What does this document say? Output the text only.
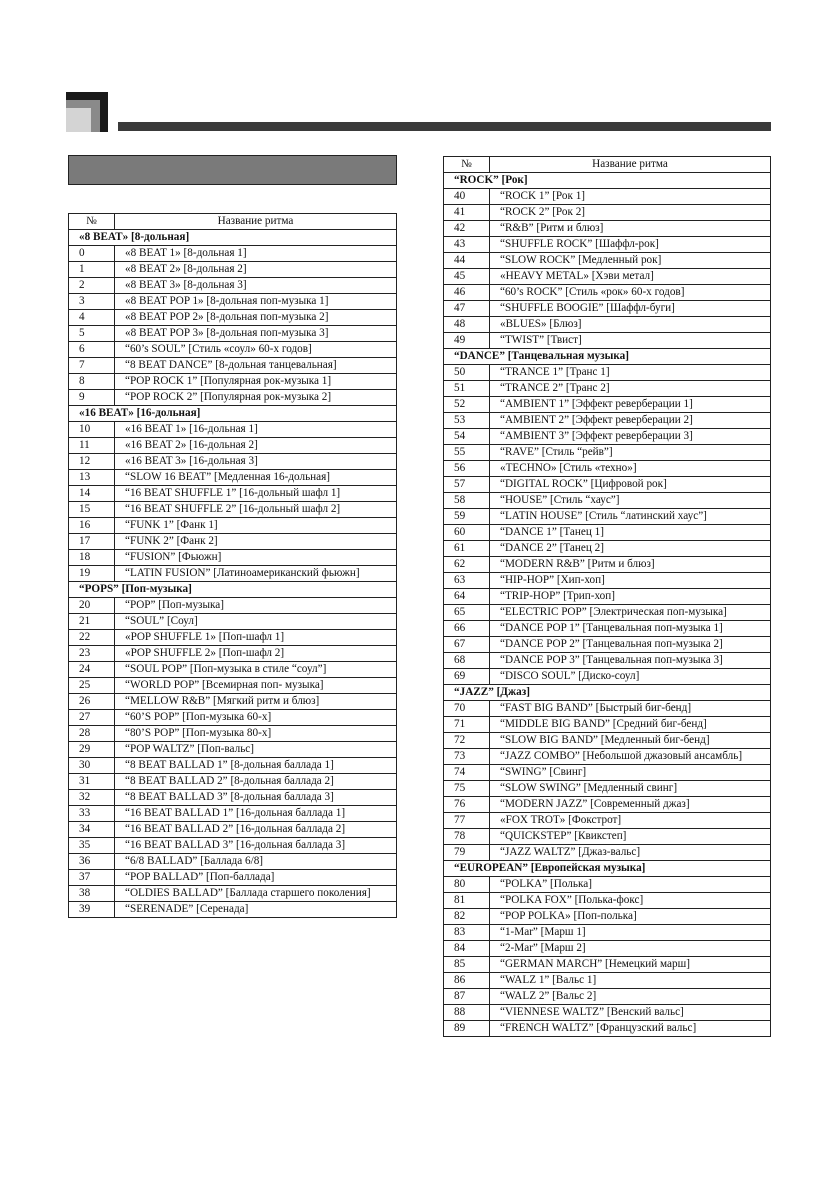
№	Название ритма
«8 BEAT» [8-дольная]	
0	«8 BEAT 1» [8-дольная 1]
1	«8 BEAT 2» [8-дольная 2]
2	«8 BEAT 3» [8-дольная 3]
3	«8 BEAT POP 1» [8-дольная поп-музыка 1]
4	«8 BEAT POP 2» [8-дольная поп-музыка 2]
5	«8 BEAT POP 3» [8-дольная поп-музыка 3]
6	“60’s SOUL” [Стиль «соул» 60-х годов]
7	“8 BEAT DANCE” [8-дольная танцевальная]
8	“POP ROCK 1” [Популярная рок-музыка 1]
9	“POP ROCK 2” [Популярная рок-музыка 2]
«16 BEAT» [16-дольная]	
10	«16 BEAT 1» [16-дольная 1]
11	«16 BEAT 2» [16-дольная 2]
12	«16 BEAT 3» [16-дольная 3]
13	“SLOW 16 BEAT” [Медленная 16-дольная]
14	“16 BEAT SHUFFLE 1” [16-дольный шафл 1]
15	“16 BEAT SHUFFLE 2” [16-дольный шафл 2]
16	“FUNK 1” [Фанк 1]
17	“FUNK 2” [Фанк 2]
18	“FUSION” [Фьюжн]
19	“LATIN FUSION” [Латиноамериканский фьюжн]
“POPS” [Поп-музыка]	
20	“POP” [Поп-музыка]
21	“SOUL” [Соул]
22	«POP SHUFFLE 1» [Поп-шафл 1]
23	«POP SHUFFLE 2» [Поп-шафл 2]
24	“SOUL POP” [Поп-музыка в стиле “соул”]
25	“WORLD POP” [Всемирная поп- музыка]
26	“MELLOW R&B” [Мягкий ритм и блюз]
27	“60’S POP” [Поп-музыка 60-х]
28	“80’S POP” [Поп-музыка 80-х]
29	“POP WALTZ” [Поп-вальс]
30	“8 BEAT BALLAD 1” [8-дольная баллада 1]
31	“8 BEAT BALLAD 2” [8-дольная баллада 2]
32	“8 BEAT BALLAD 3” [8-дольная баллада 3]
33	“16 BEAT BALLAD 1” [16-дольная баллада 1]
34	“16 BEAT BALLAD 2” [16-дольная баллада 2]
35	“16 BEAT BALLAD 3” [16-дольная баллада 3]
36	“6/8 BALLAD” [Баллада 6/8]
37	“POP BALLAD” [Поп-баллада]
38	“OLDIES BALLAD” [Баллада старшего поколения]
39	“SERENADE” [Серенада]
№	Название ритма
“ROCK” [Рок]	
40	“ROCK 1” [Рок 1]
41	“ROCK 2” [Рок 2]
42	“R&B” [Ритм и блюз]
43	“SHUFFLE ROCK” [Шаффл-рок]
44	“SLOW ROCK” [Медленный рок]
45	«HEAVY METAL» [Хэви метал]
46	“60’s ROCK” [Стиль «рок» 60-х годов]
47	“SHUFFLE BOOGIE” [Шаффл-буги]
48	«BLUES» [Блюз]
49	“TWIST” [Твист]
“DANCE” [Танцевальная музыка]	
50	“TRANCE 1” [Транс 1]
51	“TRANCE 2” [Транс 2]
52	“AMBIENT 1” [Эффект реверберации 1]
53	“AMBIENT 2” [Эффект реверберации 2]
54	“AMBIENT 3” [Эффект реверберации 3]
55	“RAVE” [Стиль “рейв”]
56	«TECHNO» [Стиль «техно»]
57	“DIGITAL ROCK” [Цифровой рок]
58	“HOUSE” [Стиль “хаус”]
59	“LATIN HOUSE” [Стиль “латинский хаус”]
60	“DANCE 1” [Танец 1]
61	“DANCE 2” [Танец 2]
62	“MODERN R&B” [Ритм и блюз]
63	“HIP-HOP” [Хип-хоп]
64	“TRIP-HOP” [Трип-хоп]
65	“ELECTRIC POP” [Электрическая поп-музыка]
66	“DANCE POP 1” [Танцевальная поп-музыка 1]
67	“DANCE POP 2” [Танцевальная поп-музыка 2]
68	“DANCE POP 3” [Танцевальная поп-музыка 3]
69	“DISCO SOUL” [Диско-соул]
“JAZZ” [Джаз]	
70	“FAST BIG BAND” [Быстрый биг-бенд]
71	“MIDDLE BIG BAND” [Средний биг-бенд]
72	“SLOW BIG BAND” [Медленный биг-бенд]
73	“JAZZ COMBO” [Небольшой джазовый ансамбль]
74	“SWING” [Свинг]
75	“SLOW SWING” [Медленный свинг]
76	“MODERN JAZZ” [Современный джаз]
77	«FOX TROT» [Фокстрот]
78	“QUICKSTEP” [Квикстеп]
79	“JAZZ WALTZ” [Джаз-вальс]
“EUROPEAN” [Европейская музыка]	
80	“POLKA” [Полька]
81	“POLKA FOX” [Полька-фокс]
82	“POP POLKA» [Поп-полька]
83	“1-Mar” [Марш 1]
84	“2-Mar” [Марш 2]
85	“GERMAN MARCH” [Немецкий марш]
86	“WALZ 1” [Вальс 1]
87	“WALZ 2” [Вальс 2]
88	“VIENNESE WALTZ” [Венский вальс]
89	“FRENCH WALTZ” [Французский вальс]
